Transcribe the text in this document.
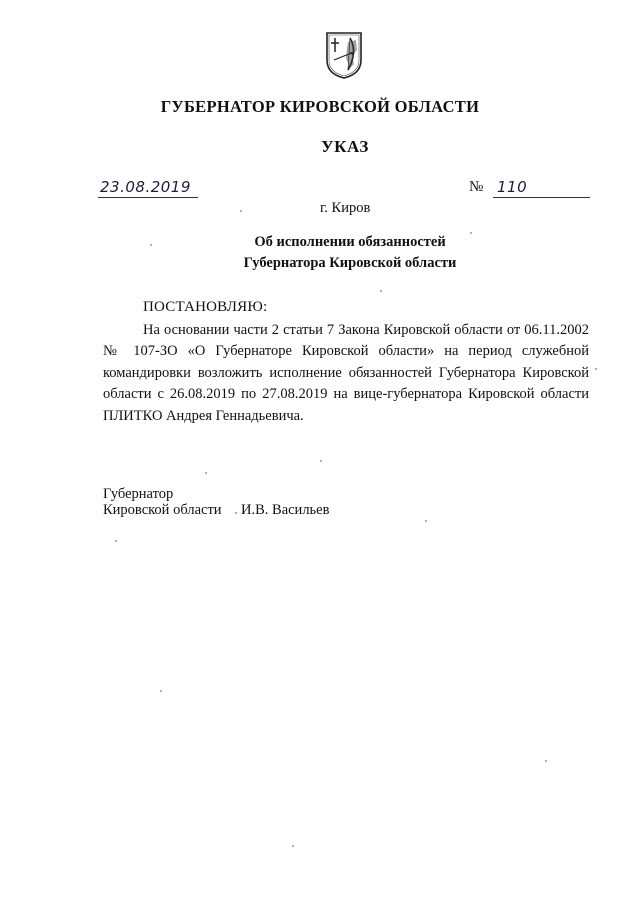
ГУБЕРНАТОР КИРОВСКОЙ ОБЛАСТИ
УКАЗ
23.08.2019	№ 110
г. Киров
Об исполнении обязанностей
Губернатора Кировской области
ПОСТАНОВЛЯЮ:
На основании части 2 статьи 7 Закона Кировской области от 06.11.2002 № 107-ЗО «О Губернаторе Кировской области» на период служебной командировки возложить исполнение обязанностей Губернатора Кировской области с 26.08.2019 по 27.08.2019 на вице-губернатора Кировской области ПЛИТКО Андрея Геннадьевича.
Губернатор
Кировской области И.В. Васильев
